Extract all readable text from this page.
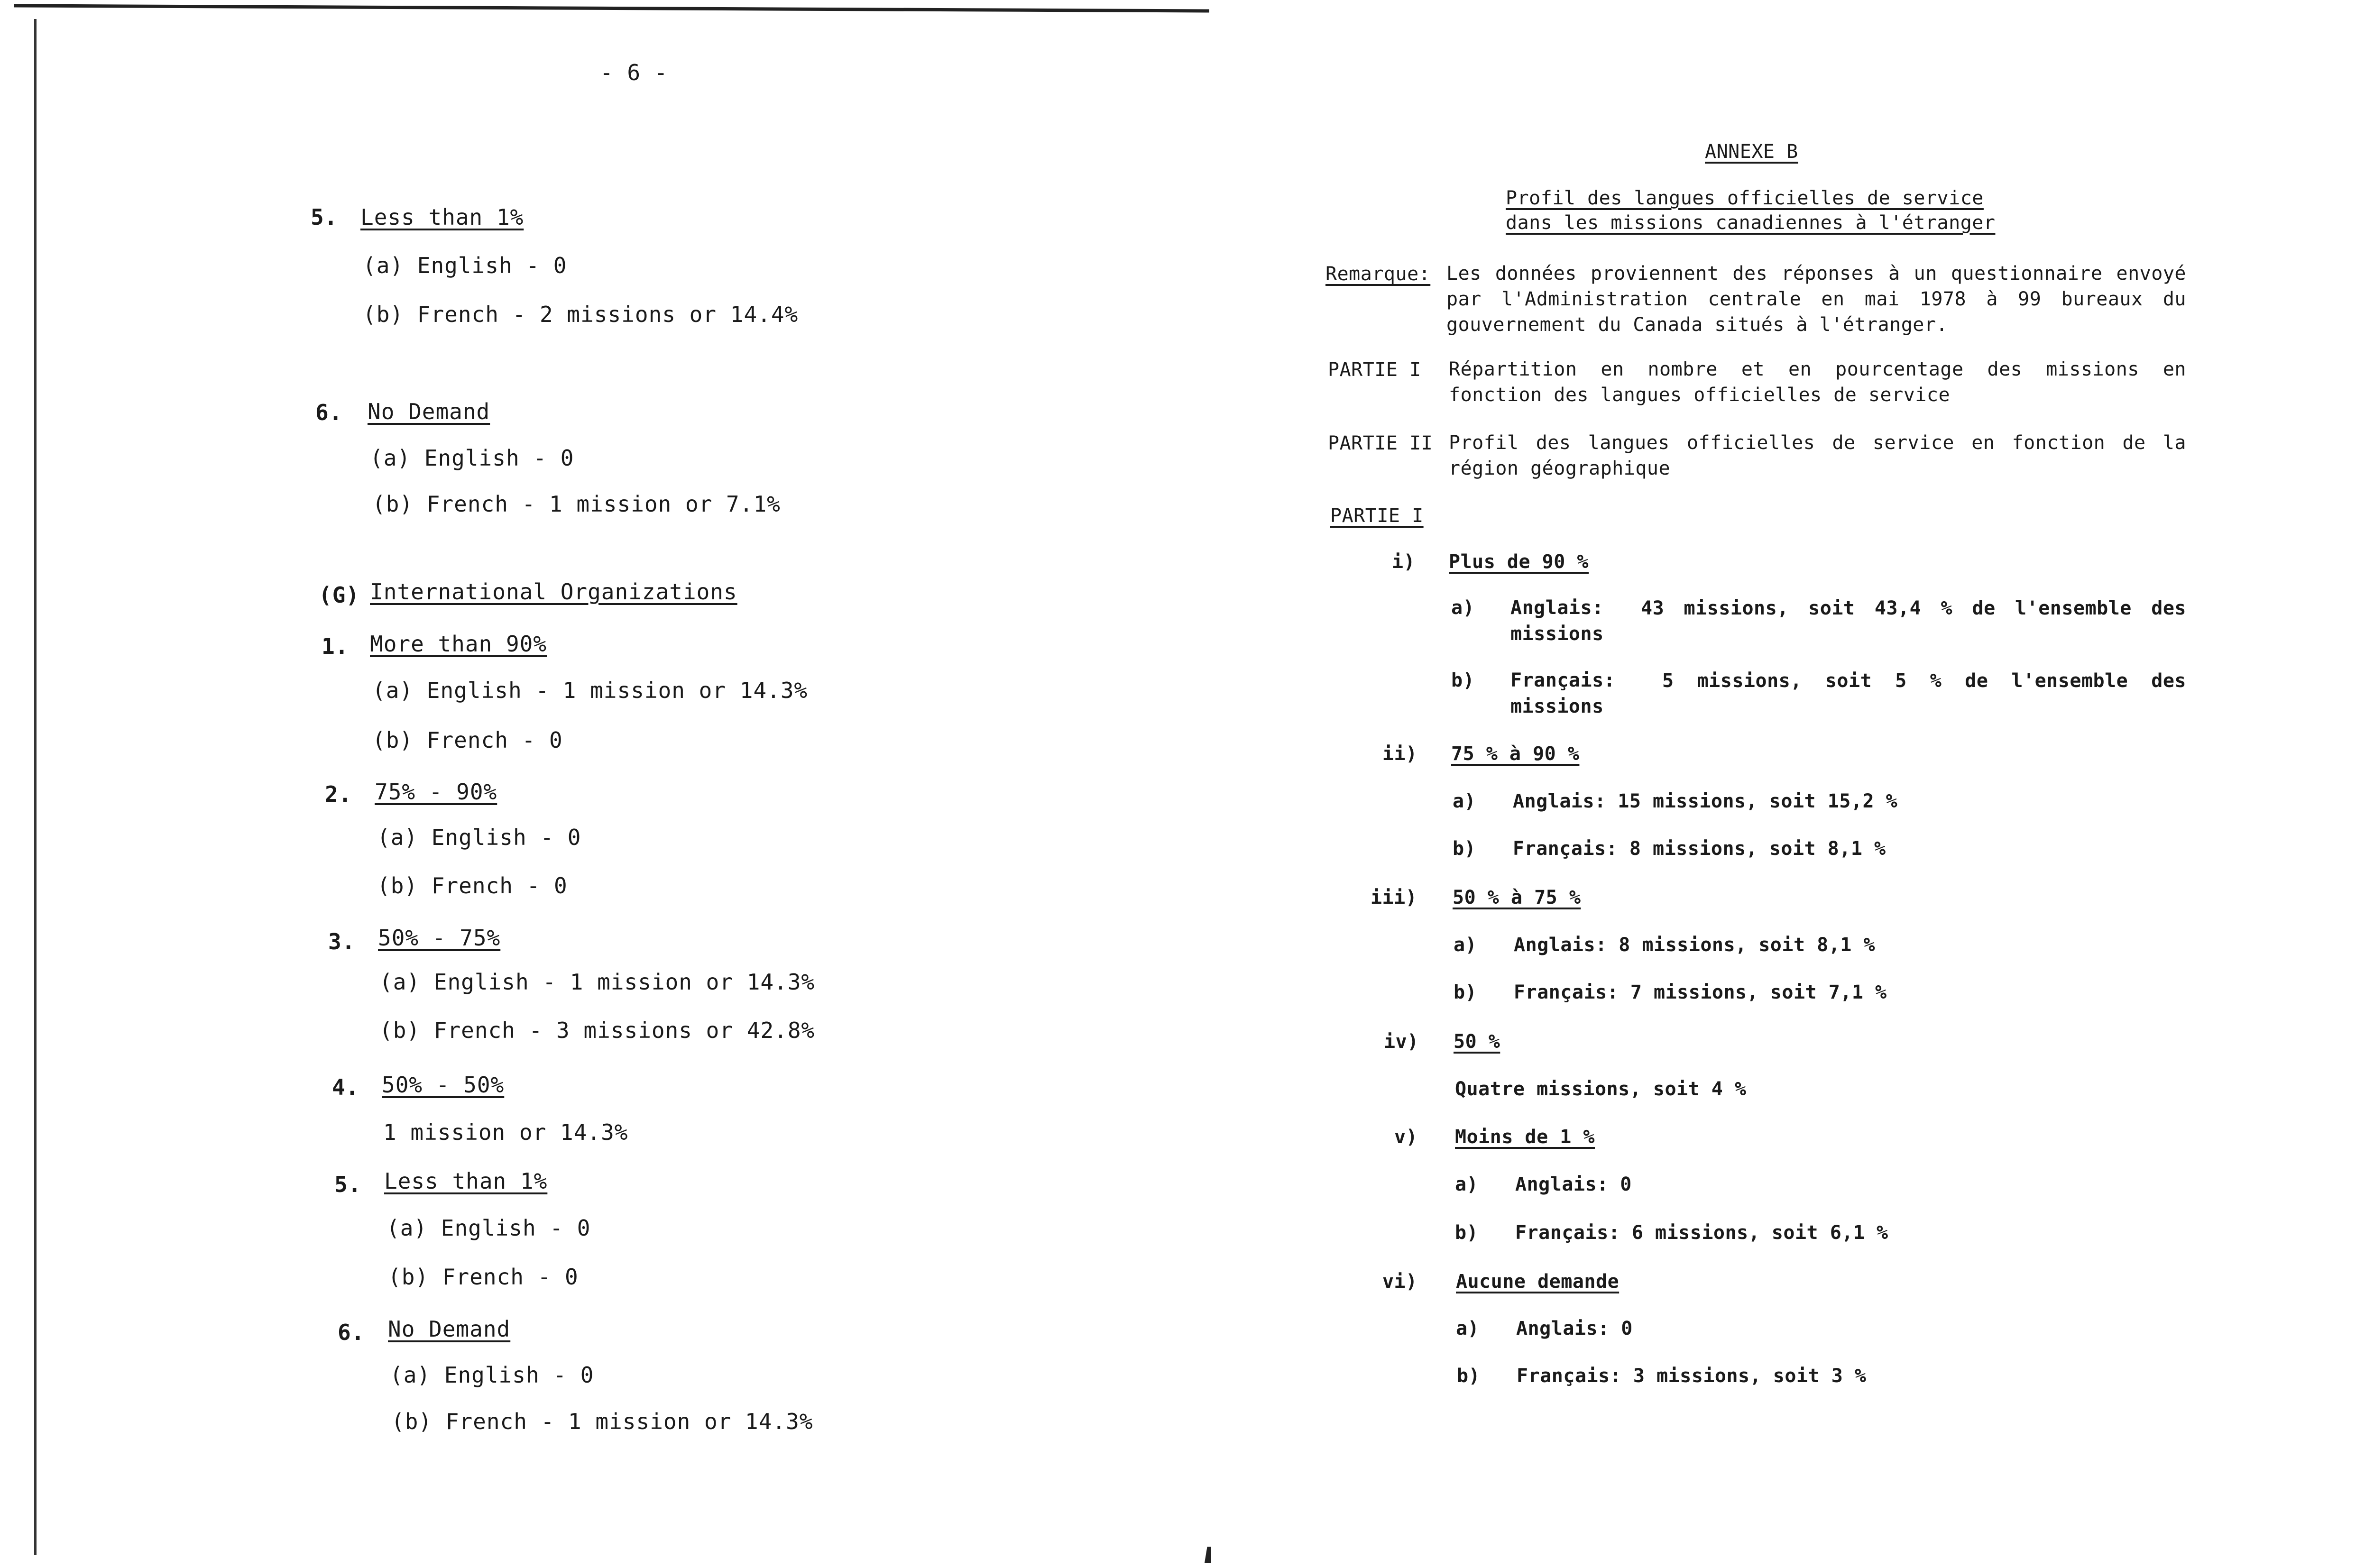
- 6 -
5. Less than 1%
(a) English - 0
(b) French - 2 missions or 14.4%
6. No Demand
(a) English - 0
(b) French - 1 mission or 7.1%
(G) International Organizations
1. More than 90%
(a) English - 1 mission or 14.3%
(b) French - 0
2. 75% - 90%
(a) English - 0
(b) French - 0
3. 50% - 75%
(a) English - 1 mission or 14.3%
(b) French - 3 missions or 42.8%
4. 50% - 50%
1 mission or 14.3%
5. Less than 1%
(a) English - 0
(b) French - 0
6. No Demand
(a) English - 0
(b) French - 1 mission or 14.3%
ANNEXE B
Profil des langues officielles de service
dans les missions canadiennes à l'étranger
Remarque: Les données proviennent des réponses à un questionnaire envoyé par l'Administration centrale en mai 1978 à 99 bureaux du gouvernement du Canada situés à l'étranger.
PARTIE I Répartition en nombre et en pourcentage des missions en fonction des langues officielles de service
PARTIE II Profil des langues officielles de service en fonction de la région géographique
PARTIE I
i) Plus de 90 %
a) Anglais:	43 missions, soit 43,4 % de l'ensemble des missions
b) Français:	5 missions, soit 5 % de l'ensemble des missions
ii) 75 % à 90 %
a) Anglais: 15 missions, soit 15,2 %
b) Français: 8 missions, soit 8,1 %
iii) 50 % à 75 %
a) Anglais: 8 missions, soit 8,1 %
b) Français: 7 missions, soit 7,1 %
iv) 50 %
Quatre missions, soit 4 %
v) Moins de 1 %
a) Anglais: 0
b) Français: 6 missions, soit 6,1 %
vi) Aucune demande
a) Anglais: 0
b) Français: 3 missions, soit 3 %
